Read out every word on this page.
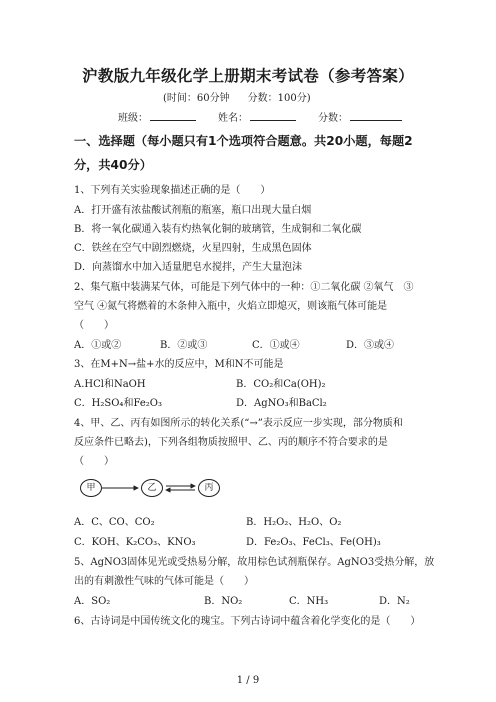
沪教版九年级化学上册期末考试卷（参考答案）
(时间：60分钟 分数：100分)
班级：	姓名：	分数：
一、选择题（每小题只有1个选项符合题意。共20小题，每题2
分，共40分）
1、下列有关实验现象描述正确的是（　　）
A．打开盛有浓盐酸试剂瓶的瓶塞，瓶口出现大量白烟
B．将一氧化碳通入装有灼热氧化铜的玻璃管，生成铜和二氧化碳
C．铁丝在空气中剧烈燃烧，火星四射，生成黑色固体
D．向蒸馏水中加入适量肥皂水搅拌，产生大量泡沫
2、集气瓶中装满某气体，可能是下列气体中的一种：①二氧化碳 ②氧气　③
空气 ④氮气将燃着的木条伸入瓶中，火焰立即熄灭，则该瓶气体可能是
（　　）
A．①或②	B．②或③	C．①或④	D．③或④
3、在M+N→盐+水的反应中，M和N不可能是
A.HCl和NaOH	B．CO₂和Ca(OH)₂
C．H₂SO₄和Fe₂O₃	D．AgNO₃和BaCl₂
4、甲、乙、丙有如图所示的转化关系(“→”表示反应一步实现，部分物质和
反应条件已略去)，下列各组物质按照甲、乙、丙的顺序不符合要求的是
（　　）
甲	乙	丙
A．C、CO、CO₂	B．H₂O₂、H₂O、O₂
C．KOH、K₂CO₃、KNO₃	D．Fe₂O₃、FeCl₃、Fe(OH)₃
5、AgNO3固体见光或受热易分解，故用棕色试剂瓶保存。AgNO3受热分解，放
出的有刺激性气味的气体可能是（　　）
A．SO₂	B．NO₂	C．NH₃	D．N₂
6、古诗词是中国传统文化的瑰宝。下列古诗词中蕴含着化学变化的是（　　）
1 / 9
